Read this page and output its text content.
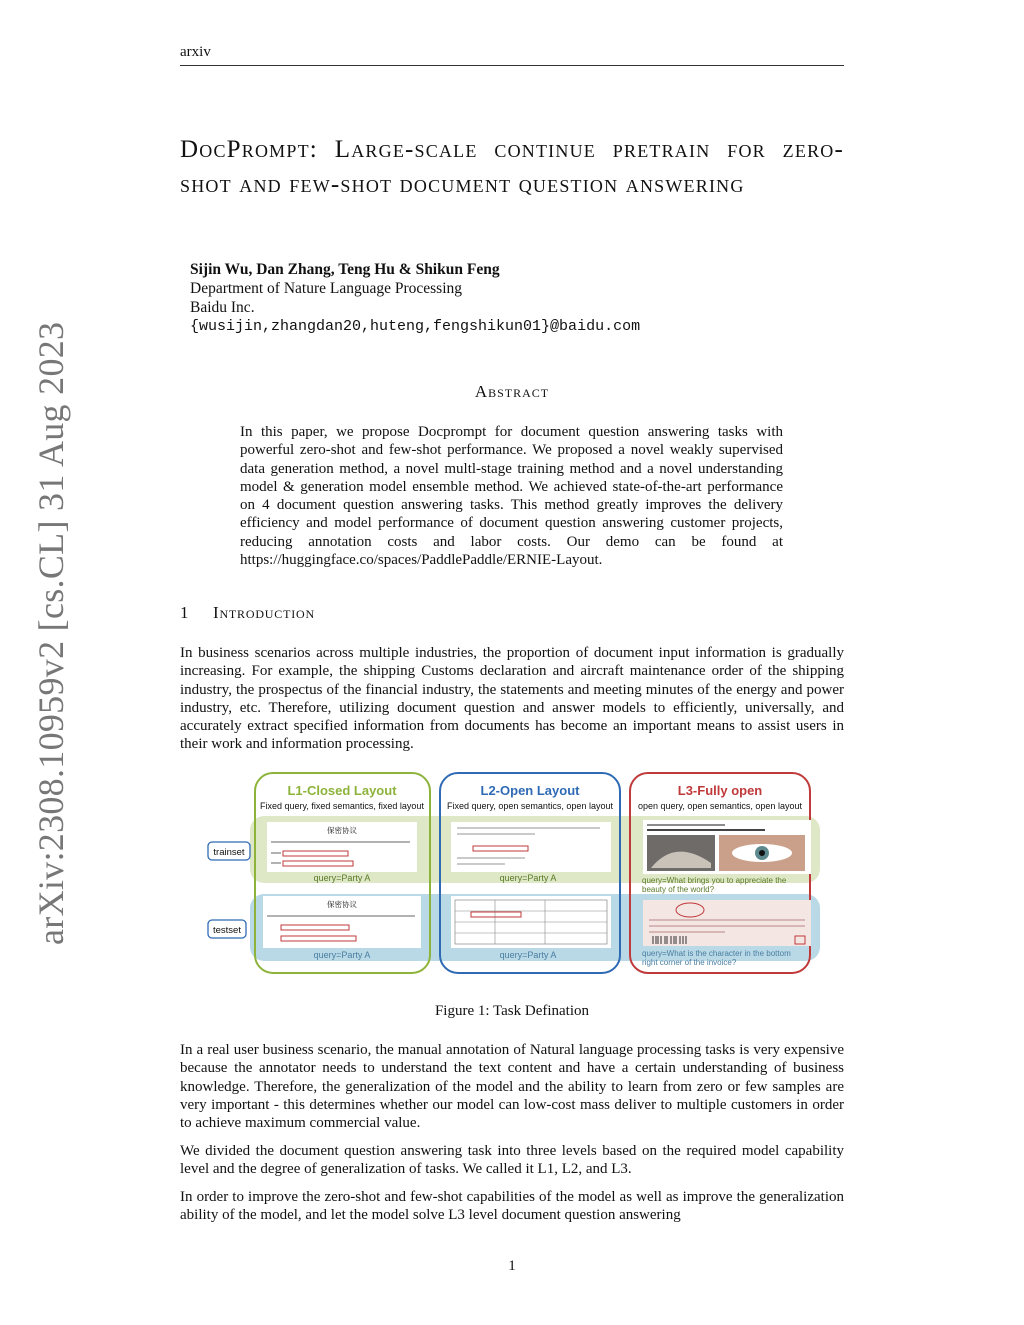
arxiv
arXiv:2308.10959v2 [cs.CL] 31 Aug 2023
DocPrompt: Large-scale continue pretrain for zero-shot and few-shot document question answering
Sijin Wu, Dan Zhang, Teng Hu & Shikun Feng
Department of Nature Language Processing
Baidu Inc.
{wusijin,zhangdan20,huteng,fengshikun01}@baidu.com
Abstract
In this paper, we propose Docprompt for document question answering tasks with powerful zero-shot and few-shot performance. We proposed a novel weakly supervised data generation method, a novel multl-stage training method and a novel understanding model & generation model ensemble method. We achieved state-of-the-art performance on 4 document question answering tasks. This method greatly improves the delivery efficiency and model performance of document question answering customer projects, reducing annotation costs and labor costs. Our demo can be found at https://huggingface.co/spaces/PaddlePaddle/ERNIE-Layout.
1 Introduction
In business scenarios across multiple industries, the proportion of document input information is gradually increasing. For example, the shipping Customs declaration and aircraft maintenance order of the shipping industry, the prospectus of the financial industry, the statements and meeting minutes of the energy and power industry, etc. Therefore, utilizing document question and answer models to efficiently, universally, and accurately extract specified information from documents has become an important means to assist users in their work and information processing.
L1-Closed Layout
Fixed query, fixed semantics, fixed layout
L2-Open Layout
Fixed query, open semantics, open layout
L3-Fully open
open query, open semantics, open layout
trainset
testset
保密协议
query=Party A
保密协议
query=Party A
query=Party A
query=Party A
query=What brings you to appreciate the
beauty of the world?
query=What is the character in the bottom
right corner of the invoice?
Figure 1: Task Defination
In a real user business scenario, the manual annotation of Natural language processing tasks is very expensive because the annotator needs to understand the text content and have a certain understanding of business knowledge. Therefore, the generalization of the model and the ability to learn from zero or few samples are very important - this determines whether our model can low-cost mass deliver to multiple customers in order to achieve maximum commercial value.
We divided the document question answering task into three levels based on the required model capability level and the degree of generalization of tasks. We called it L1, L2, and L3.
In order to improve the zero-shot and few-shot capabilities of the model as well as improve the generalization ability of the model, and let the model solve L3 level document question answering
1
